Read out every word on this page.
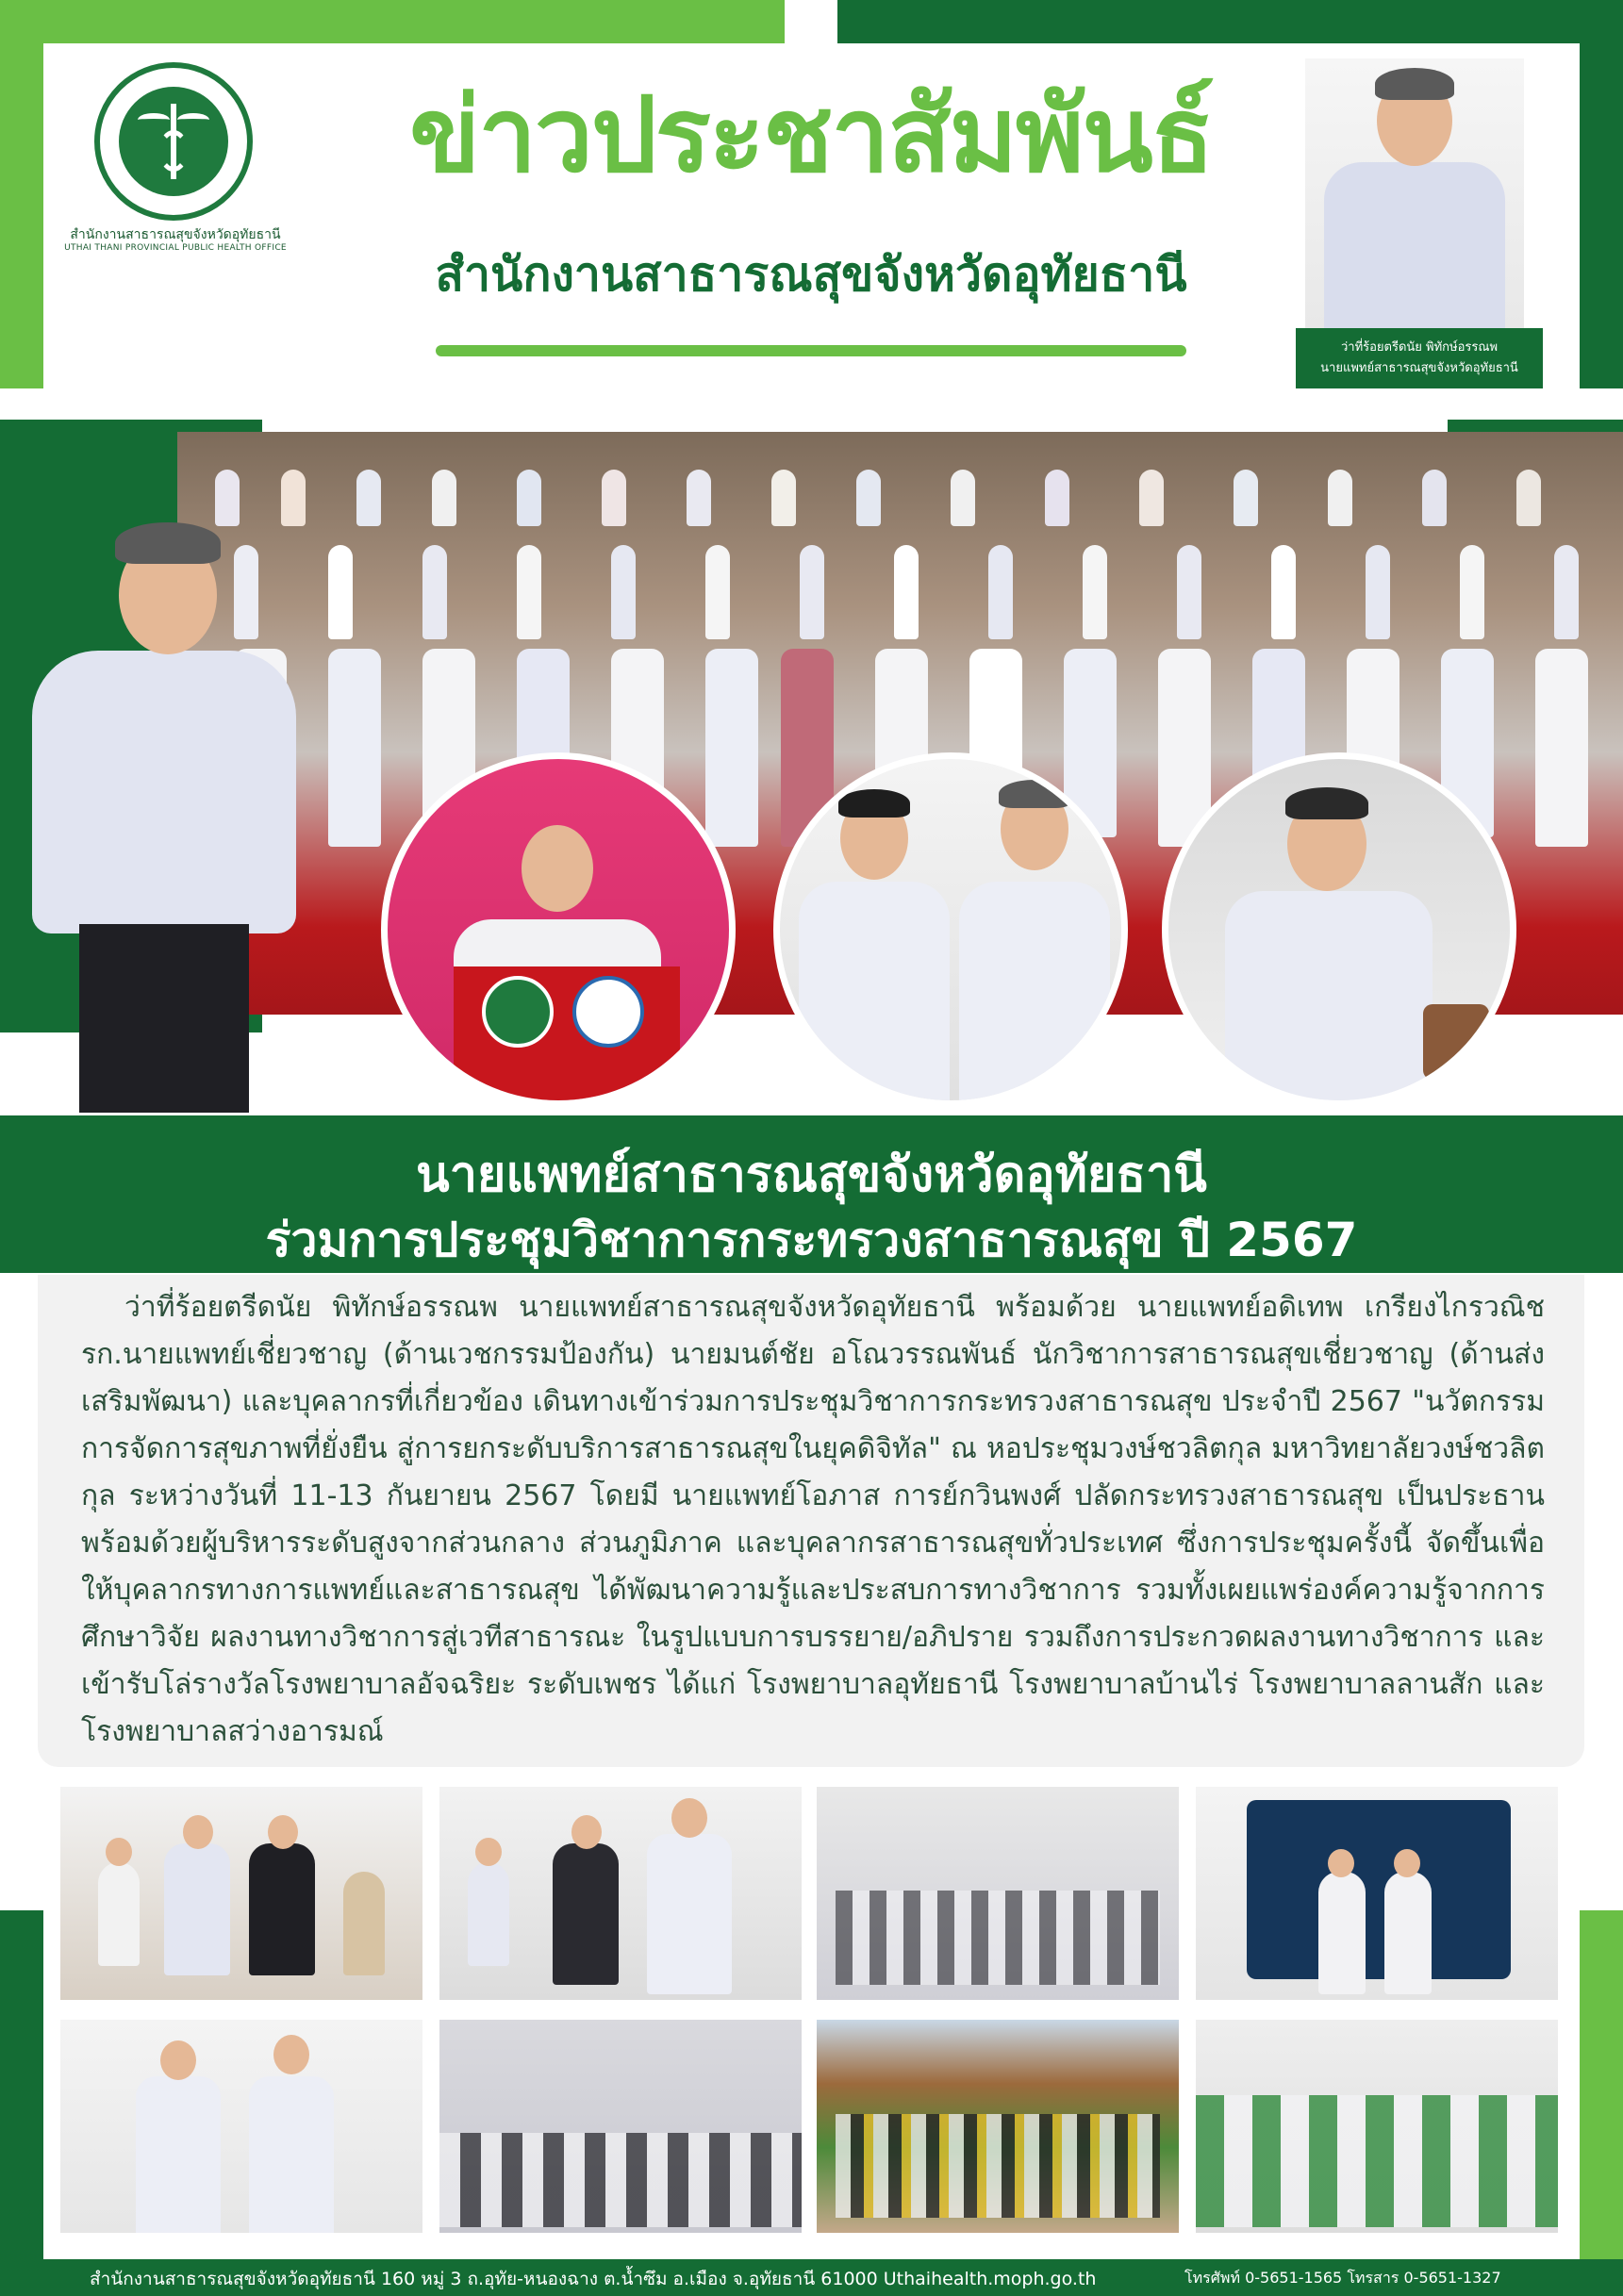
สำนักงานสาธารณสุขจังหวัดอุทัยธานี
UTHAI THANI PROVINCIAL PUBLIC HEALTH OFFICE
ข่าวประชาสัมพันธ์
สำนักงานสาธารณสุขจังหวัดอุทัยธานี
ว่าที่ร้อยตรีดนัย พิทักษ์อรรณพ
นายแพทย์สาธารณสุขจังหวัดอุทัยธานี
นายแพทย์สาธารณสุขจังหวัดอุทัยธานี
ร่วมการประชุมวิชาการกระทรวงสาธารณสุข ปี 2567
ว่าที่ร้อยตรีดนัย พิทักษ์อรรณพ นายแพทย์สาธารณสุขจังหวัดอุทัยธานี พร้อมด้วย นายแพทย์อดิเทพ เกรียงไกรวณิช รก.นายแพทย์เชี่ยวชาญ (ด้านเวชกรรมป้องกัน) นายมนต์ชัย อโณวรรณพันธ์ นักวิชาการสาธารณสุขเชี่ยวชาญ (ด้านส่งเสริมพัฒนา) และบุคลากรที่เกี่ยวข้อง เดินทางเข้าร่วมการประชุมวิชาการกระทรวงสาธารณสุข ประจำปี 2567 "นวัตกรรมการจัดการสุขภาพที่ยั่งยืน สู่การยกระดับบริการสาธารณสุขในยุคดิจิทัล" ณ หอประชุมวงษ์ชวลิตกุล มหาวิทยาลัยวงษ์ชวลิตกุล ระหว่างวันที่ 11-13 กันยายน 2567 โดยมี นายแพทย์โอภาส การย์กวินพงศ์ ปลัดกระทรวงสาธารณสุข เป็นประธาน พร้อมด้วยผู้บริหารระดับสูงจากส่วนกลาง ส่วนภูมิภาค และบุคลากรสาธารณสุขทั่วประเทศ ซึ่งการประชุมครั้งนี้ จัดขึ้นเพื่อให้บุคลากรทางการแพทย์และสาธารณสุข ได้พัฒนาความรู้และประสบการทางวิชาการ รวมทั้งเผยแพร่องค์ความรู้จากการศึกษาวิจัย ผลงานทางวิชาการสู่เวทีสาธารณะ ในรูปแบบการบรรยาย/อภิปราย รวมถึงการประกวดผลงานทางวิชาการ และเข้ารับโล่รางวัลโรงพยาบาลอัจฉริยะ ระดับเพชร ได้แก่ โรงพยาบาลอุทัยธานี โรงพยาบาลบ้านไร่ โรงพยาบาลลานสัก และโรงพยาบาลสว่างอารมณ์
สำนักงานสาธารณสุขจังหวัดอุทัยธานี 160 หมู่ 3 ถ.อุทัย-หนองฉาง ต.น้ำซึม อ.เมือง จ.อุทัยธานี 61000 Uthaihealth.moph.go.th	โทรศัพท์ 0-5651-1565 โทรสาร 0-5651-1327
